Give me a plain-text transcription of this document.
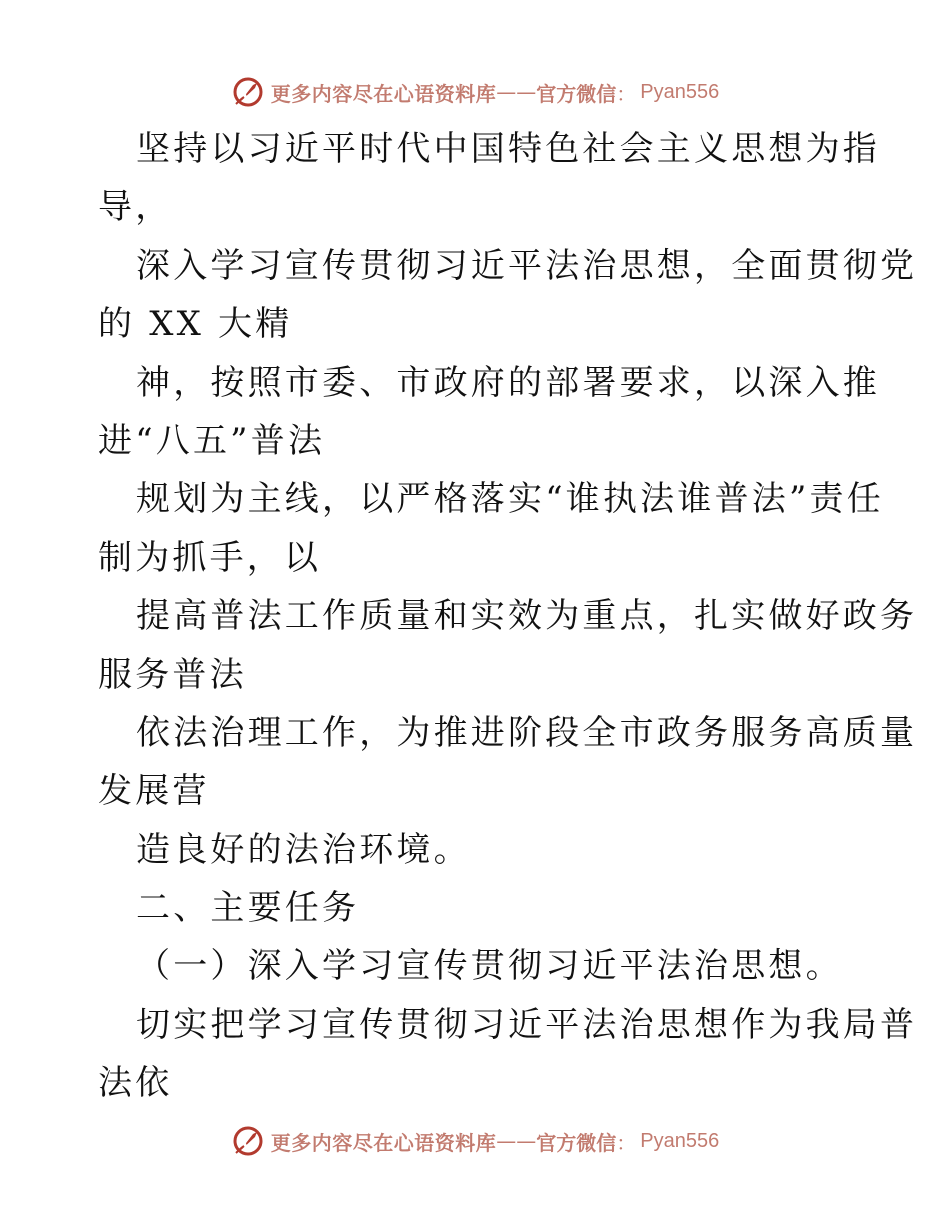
更多内容尽在心语资料库 —— 官方微信 ： Pyan556
坚持以习近平时代中国特色社会主义思想为指
导，
深入学习宣传贯彻习近平法治思想，全面贯彻党
的 XX 大精
神，按照市委、市政府的部署要求，以深入推
进“八五”普法
规划为主线，以严格落实“谁执法谁普法”责任
制为抓手，以
提高普法工作质量和实效为重点，扎实做好政务
服务普法
依法治理工作，为推进阶段全市政务服务高质量
发展营
造良好的法治环境。
二、主要任务
（一）深入学习宣传贯彻习近平法治思想。
切实把学习宣传贯彻习近平法治思想作为我局普
法依
更多内容尽在心语资料库 —— 官方微信 ： Pyan556
